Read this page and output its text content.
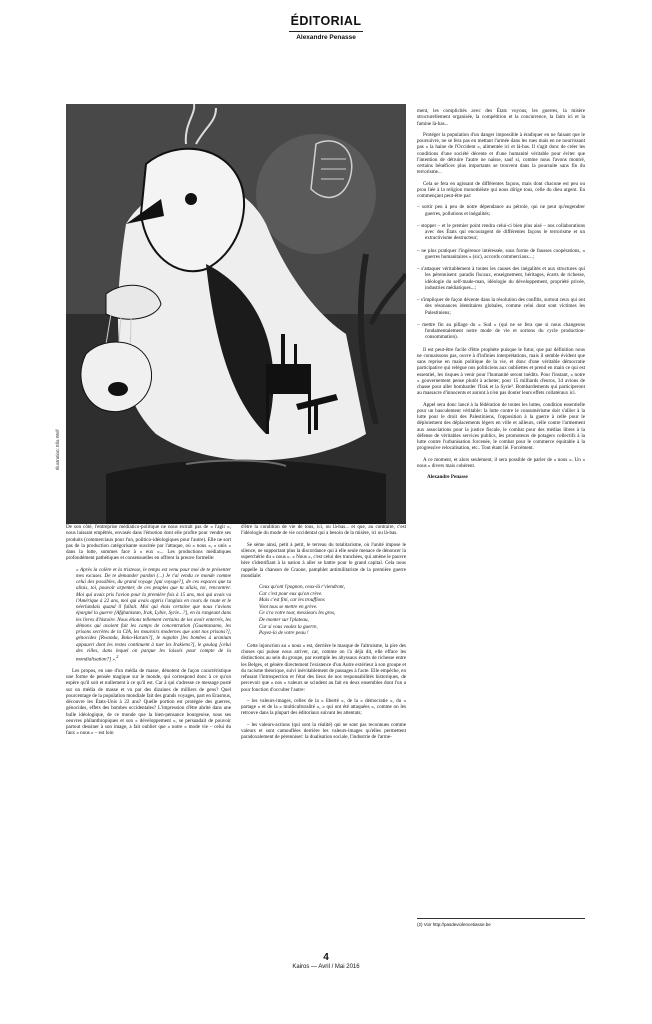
ÉDITORIAL
Alexandre Penasse
Illustration: Ella Wolf

De son côté, l'entreprise médiatico-politique ne nous extrait pas de « l'agir », nous laissant empêtrés, envasés dans l'émotion dont elle profite pour vendre ses produits (commerciaux pour l'un, politico-idéologiques pour l'autre). Elle ne sort pas de la production catégorisante suscitée par l'attaque, où « nous », « unis » dans la lutte, sommes face à « eux »... Les productions médiatiques profondément pathétiques et consensuelles en offrent la preuve formelle:

« Après la colère et la tristesse, le temps est venu pour moi de te présenter mes excuses. De te demander pardon (...) Je t'ai vendu ce monde comme celui des possibles, du grand voyage [qui voyage?], de ces espaces que tu allais, toi, pouvoir arpenter, de ces peuples que tu allais, toi, rencontrer. Moi qui avais pris l'avion pour la première fois à 15 ans, moi qui avais vu l'Amérique à 22 ans, moi qui avais appris l'anglais en cours de route et le néerlandais quand il fallait. Moi qui étais certaine que nous t'avions épargné la guerre [Afghanistan, Irak, Lybie, Syrie...?], en la rangeant dans les livres d'histoire. Nous étions tellement certains de les avoir enterrés, les démons qui avaient fait les camps de concentration [Guantanamo, les prisons secrètes de la CIA, les mouroirs modernes que sont nos prisons?], génocides [Rwanda, Boko-Haram?], le napalm [les bombes à uranium appauvri dont les restes continuent à tuer les Irakiens?], le goulag [celui des villes, dans lequel on parque les laissés pour compte de la mondialisation?] ».$^2$

Les propos, en une d'un média de masse, dénotent de façon caractéristique une forme de pensée magique sur le monde, qui correspond donc à ce qu'on espère qu'il soit et nullement à ce qu'il est. Car à qui s'adresse ce message posté sur un média de masse et vu par des dizaines de milliers de gens? Quel pourcentage de la population mondiale fait des grands voyages, part en Erasmus, découvre les États-Unis à 22 ans? Quelle portion est protégée des guerres, génocides, effets des bombes occidentales? L'impression d'être abrité dans une bulle idéologique, de ce monde que la bien-pensance bourgeoise, sous ses oeuvres philanthropiques et son « développement », se persuadait de pouvoir partout dessiner à son image, a fait oublier que « notre » mode vie – celui du faux « nous » – est loin

d'être la condition de vie de tous, ici, ou là-bas... et que, au contraire, c'est l'idéologie du mode de vie occidental qui a besoin de la misère, ici ou là-bas.

Se sème ainsi, petit à petit, le terreau du totalitarisme, où l'unité impose le silence, ne supportant plus la discordance qui à elle seule menace de dénoncer la superchérie du « nous ». « Nous », c'est celui des tranchées, qui amène le pauvre hère s'identifiant à la nation à aller se battre pour le grand capital. Cela nous rappelle la chanson de Craone, pamphlet antimilitariste de la première guerre mondiale:

Ceux qu'ont l'pognon, ceux-là r'viendront,
Car c'est pour eux qu'on crève.
Mais c'est fini, car les trouffions
Vont tous se mettre en grève.
Ce s'ra votre tour, messieurs les gros,
De monter sur l'plateau,
Car si vous voulez la guerre,
Payez-la de votre peau !

Cette injonction au « nous » est, derrière le masque de l'altruisme, la pire des choses qui puisse nous arriver, car, comme on l'a déjà dit, elle efface les distinctions au sein du groupe, par exemple les abyssaux écarts de richesse entre les Belges, et génère directement l'existence d'un Autre extérieur à son groupe et du racisme théorique, suivi inévitablement de passages à l'acte. Elle empêche, en refusant l'introspection et l'état des lieux de nos responsabilités historiques, de percevoir que « nos » valeurs se scindent au fait en deux ensembles dont l'un a pour fonction d'occulter l'autre:

– les valeurs-images, celles de la « liberté », de la « démocratie », du « partage » et de la « multiculturalité », « qui ont été attaquées », comme on les retrouve dans la plupart des éditoriaux suivant les attentats;

– les valeurs-actions (qui sont la réalité) qui ne sont pas reconnues comme valeurs et sont camouflées derrière les valeurs-images qu'elles permettent paradoxalement de pérenniser: la dualisation sociale, l'industrie de l'arme-

ment, les complicités avec des États voyous, les guerres, la misère structurellement organisée, la compétition et la concurrence, la faim ici et la famine là-bas...

Protéger la population d'un danger impossible à éradiquer en ne faisant que le poursuivre, ne se fera pas en mettant l'armée dans les rues mais en ne nourrissant pas « la haine de l'Occident », alimentée ici et là-bas. Il s'agit donc de créer les conditions d'une société décente et d'une humanité véritable pour éviter que l'intention de détruire l'autre ne naisse, sauf si, comme nous l'avons montré, certains bénéfices plus importants se trouvent dans la poursuite sans fin du terrorisme...

Cela se fera en agissant de différentes façons, mais dont chacune est peu ou prou liée à la religion monothéiste qui nous dirige tous, celle du dieu argent. En commençant peut-être par:

– sortir peu à peu de notre dépendance au pétrole, qui ne peut qu'engendrer guerres, pollutions et inégalités;

– stopper – et le premier point rendra celui-ci bien plus aisé – nos collaborations avec des États qui encouragent de différentes façons le terrorisme et un extractivisme destructeur;

– ne plus pratiquer l'ingérence intéressée, sous forme de fausses coopérations, « guerres humanitaires » (sic), accords commerciaux...;

– s'attaquer véritablement à toutes les causes des inégalités et aux structures qui les pérennisent: paradis fiscaux, enseignement, héritages, écarts de richesse, idéologie du self-made-man, idéologie du développement, propriété privée, industries médiatiques...;

– s'impliquer de façon décente dans la résolution des conflits, surtout ceux qui ont des résonances identitaires globales, comme celui dont sont victimes les Palestiniens;

– mettre fin au pillage du « Sud » (qui ne se fera que si nous changeons fondamentalement notre mode de vie et sortons du cycle production-consommation).

Il est peut-être facile d'être prophète puisque le futur, que par définition nous ne connaissons pas, ouvre à d'infinies interprétations, mais il semble évident que sans reprise en main politique de la vie, et donc d'une véritable démocratie participative qui relègue nos politiciens aux oubliettes et prend en main ce qui est essentiel, les risques à venir pour l'humanité seront inédits. Pour l'instant, « notre » gouvernement pense plutôt à acheter, pour 15 milliards d'euros, 34 avions de chasse pour aller bombarder l'Irak et la Syrie³. Bombardements qui participeront au massacre d'innocents et auront à n'en pas douter leurs effets collatéraux ici.

Appel sera donc lancé à la fédération de toutes les luttes, condition essentielle pour un basculement véritable: la lutte contre le consumérisme doit s'allier à la lutte pour le droit des Palestiniens, l'opposition à la guerre à celle pour le déploiement des déplacements légers en ville et ailleurs, celle contre l'armement aux associations pour la justice fiscale, le combat pour des médias libres à la défense de véritables services publics, les promoteurs de potagers collectifs à la lutte contre l'urbanisation forcenée, le combat pour le commerce équitable à la progressive relocalisation, etc.. Tout étant lié. Forcément.

A ce moment, et alors seulement, il sera possible de parler de « nous ». Un « nous » divers mais cohérent.

Alexandre Penasse

(2) Voir http://pasdeviolencetiasse.be
4
Kairos — Avril / Mai 2016
